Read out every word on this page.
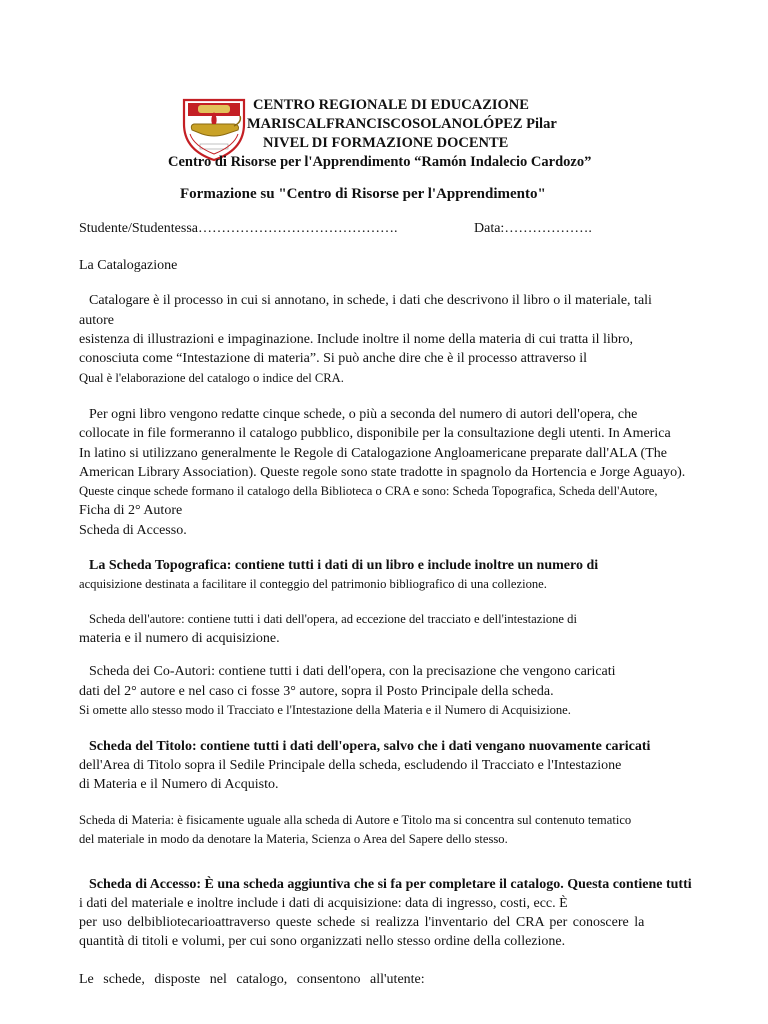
CENTRO REGIONALE DI EDUCAZIONE
MARISCALFRANCISCOSOLANOLÓPEZ Pilar
NIVEL DI FORMAZIONE DOCENTE
Centro di Risorse per l'Apprendimento “Ramón Indalecio Cardozo”
Formazione su "Centro di Risorse per l'Apprendimento"
Studente/Studentessa…………………………………….	Data:……………….
La Catalogazione
Catalogare è il processo in cui si annotano, in schede, i dati che descrivono il libro o il materiale, tali
autore
esistenza di illustrazioni e impaginazione. Include inoltre il nome della materia di cui tratta il libro,
conosciuta come “Intestazione di materia”. Si può anche dire che è il processo attraverso il
Qual è l'elaborazione del catalogo o indice del CRA.
Per ogni libro vengono redatte cinque schede, o più a seconda del numero di autori dell'opera, che
collocate in file formeranno il catalogo pubblico, disponibile per la consultazione degli utenti. In America
In latino si utilizzano generalmente le Regole di Catalogazione Angloamericane preparate dall'ALA (The
American Library Association). Queste regole sono state tradotte in spagnolo da Hortencia e Jorge Aguayo).
Queste cinque schede formano il catalogo della Biblioteca o CRA e sono: Scheda Topografica, Scheda dell'Autore,
Ficha di 2° Autore
Scheda di Accesso.
La Scheda Topografica: contiene tutti i dati di un libro e include inoltre un numero di
acquisizione destinata a facilitare il conteggio del patrimonio bibliografico di una collezione.
Scheda dell'autore: contiene tutti i dati dell'opera, ad eccezione del tracciato e dell'intestazione di
materia e il numero di acquisizione.
Scheda dei Co-Autori: contiene tutti i dati dell'opera, con la precisazione che vengono caricati
dati del 2° autore e nel caso ci fosse 3° autore, sopra il Posto Principale della scheda.
Si omette allo stesso modo il Tracciato e l'Intestazione della Materia e il Numero di Acquisizione.
Scheda del Titolo: contiene tutti i dati dell'opera, salvo che i dati vengano nuovamente caricati
dell'Area di Titolo sopra il Sedile Principale della scheda, escludendo il Tracciato e l'Intestazione
di Materia e il Numero di Acquisto.
Scheda di Materia: è fisicamente uguale alla scheda di Autore e Titolo ma si concentra sul contenuto tematico
del materiale in modo da denotare la Materia, Scienza o Area del Sapere dello stesso.
Scheda di Accesso: È una scheda aggiuntiva che si fa per completare il catalogo. Questa contiene tutti
i dati del materiale e inoltre include i dati di acquisizione: data di ingresso, costi, ecc. È
per uso delbibliotecarioattraverso queste schede si realizza l'inventario del CRA per conoscere la
quantità di titoli e volumi, per cui sono organizzati nello stesso ordine della collezione.
Le schede, disposte nel catalogo, consentono all'utente:
